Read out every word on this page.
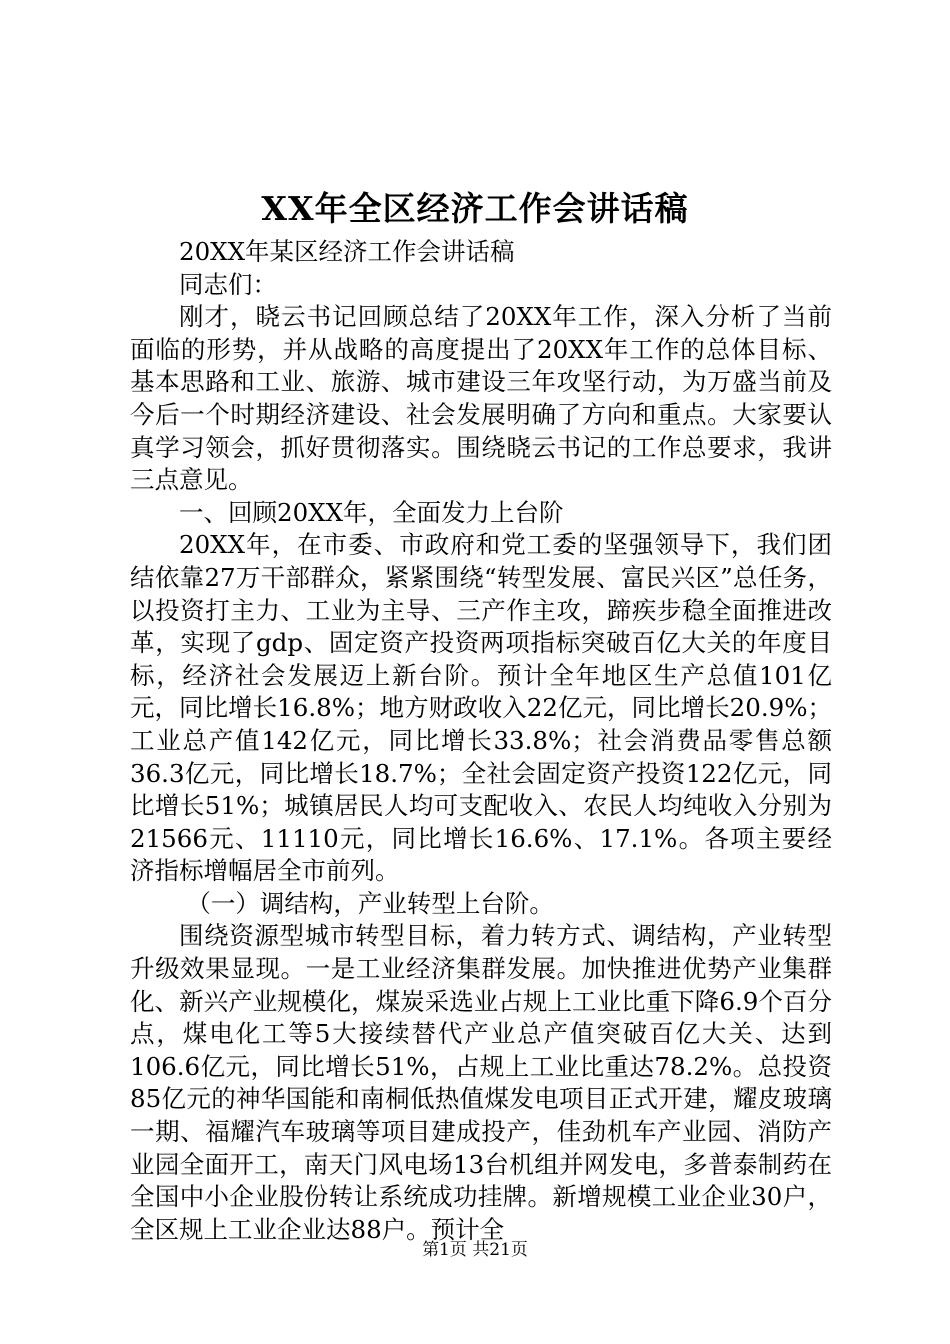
XX年全区经济工作会讲话稿

20XX年某区经济工作会讲话稿

同志们：

刚才，晓云书记回顾总结了20XX年工作，深入分析了当前面临的形势，并从战略的高度提出了20XX年工作的总体目标、基本思路和工业、旅游、城市建设三年攻坚行动，为万盛当前及今后一个时期经济建设、社会发展明确了方向和重点。大家要认真学习领会，抓好贯彻落实。围绕晓云书记的工作总要求，我讲三点意见。

一、回顾20XX年，全面发力上台阶

20XX年，在市委、市政府和党工委的坚强领导下，我们团结依靠27万干部群众，紧紧围绕“转型发展、富民兴区”总任务，以投资打主力、工业为主导、三产作主攻，蹄疾步稳全面推进改革，实现了gdp、固定资产投资两项指标突破百亿大关的年度目标，经济社会发展迈上新台阶。预计全年地区生产总值101亿元，同比增长16.8%；地方财政收入22亿元，同比增长20.9%；工业总产值142亿元，同比增长33.8%；社会消费品零售总额36.3亿元，同比增长18.7%；全社会固定资产投资122亿元，同比增长51%；城镇居民人均可支配收入、农民人均纯收入分别为21566元、11110元，同比增长16.6%、17.1%。各项主要经济指标增幅居全市前列。

（一）调结构，产业转型上台阶。

围绕资源型城市转型目标，着力转方式、调结构，产业转型升级效果显现。一是工业经济集群发展。加快推进优势产业集群化、新兴产业规模化，煤炭采选业占规上工业比重下降6.9个百分点，煤电化工等5大接续替代产业总产值突破百亿大关、达到106.6亿元，同比增长51%，占规上工业比重达78.2%。总投资85亿元的神华国能和南桐低热值煤发电项目正式开建，耀皮玻璃一期、福耀汽车玻璃等项目建成投产，佳劲机车产业园、消防产业园全面开工，南天门风电场13台机组并网发电，多普泰制药在全国中小企业股份转让系统成功挂牌。新增规模工业企业30户，全区规上工业企业达88户。预计全

第1页 共21页
